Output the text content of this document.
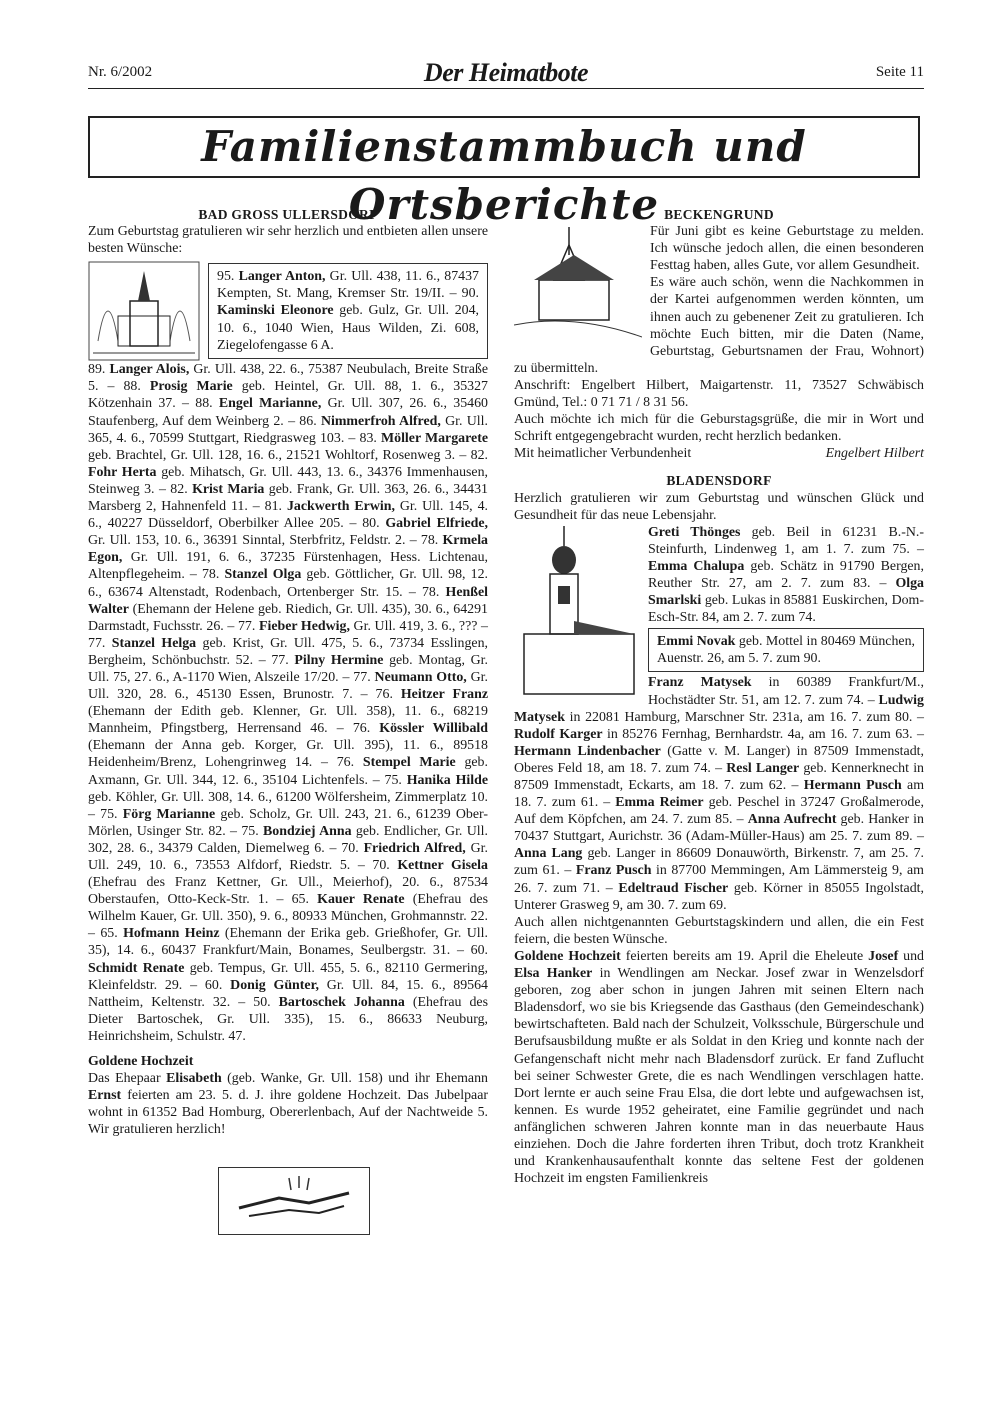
Nr. 6/2002	Der Heimatbote	Seite 11
Familienstammbuch und Ortsberichte

BAD GROSS ULLERSDORF

Zum Geburtstag gratulieren wir sehr herzlich und entbieten allen unsere besten Wünsche:

95. Langer Anton, Gr. Ull. 438, 11. 6., 87437 Kempten, St. Mang, Kremser Str. 19/II. – 90. Kaminski Eleonore geb. Gulz, Gr. Ull. 204, 10. 6., 1040 Wien, Haus Wilden, Zi. 608, Ziegelofengasse 6 A.

89. Langer Alois, Gr. Ull. 438, 22. 6., 75387 Neubulach, Breite Straße 5. – 88. Prosig Marie geb. Heintel, Gr. Ull. 88, 1. 6., 35327 Kötzenhain 37. – 88. Engel Marianne, Gr. Ull. 307, 26. 6., 35460 Staufenberg, Auf dem Weinberg 2. – 86. Nimmerfroh Alfred, Gr. Ull. 365, 4. 6., 70599 Stuttgart, Riedgrasweg 103. – 83. Möller Margarete geb. Brachtel, Gr. Ull. 128, 16. 6., 21521 Wohltorf, Rosenweg 3. – 82. Fohr Herta geb. Mihatsch, Gr. Ull. 443, 13. 6., 34376 Immenhausen, Steinweg 3. – 82. Krist Maria geb. Frank, Gr. Ull. 363, 26. 6., 34431 Marsberg 2, Hahnenfeld 11. – 81. Jackwerth Erwin, Gr. Ull. 145, 4. 6., 40227 Düsseldorf, Oberbilker Allee 205. – 80. Gabriel Elfriede, Gr. Ull. 153, 10. 6., 36391 Sinntal, Sterbfritz, Feldstr. 2. – 78. Krmela Egon, Gr. Ull. 191, 6. 6., 37235 Fürstenhagen, Hess. Lichtenau, Altenpflegeheim. – 78. Stanzel Olga geb. Göttlicher, Gr. Ull. 98, 12. 6., 63674 Altenstadt, Rodenbach, Ortenberger Str. 15. – 78. Henßel Walter (Ehemann der Helene geb. Riedich, Gr. Ull. 435), 30. 6., 64291 Darmstadt, Fuchsstr. 26. – 77. Fieber Hedwig, Gr. Ull. 419, 3. 6., ??? – 77. Stanzel Helga geb. Krist, Gr. Ull. 475, 5. 6., 73734 Esslingen, Bergheim, Schönbuchstr. 52. – 77. Pilny Hermine geb. Montag, Gr. Ull. 75, 27. 6., A-1170 Wien, Alszeile 17/20. – 77. Neumann Otto, Gr. Ull. 320, 28. 6., 45130 Essen, Brunostr. 7. – 76. Heitzer Franz (Ehemann der Edith geb. Klenner, Gr. Ull. 358), 11. 6., 68219 Mannheim, Pfingstberg, Herrensand 46. – 76. Kössler Willibald (Ehemann der Anna geb. Korger, Gr. Ull. 395), 11. 6., 89518 Heidenheim/Brenz, Lohengrinweg 14. – 76. Stempel Marie geb. Axmann, Gr. Ull. 344, 12. 6., 35104 Lichtenfels. – 75. Hanika Hilde geb. Köhler, Gr. Ull. 308, 14. 6., 61200 Wölfersheim, Zimmerplatz 10. – 75. Förg Marianne geb. Scholz, Gr. Ull. 243, 21. 6., 61239 Ober-Mörlen, Usinger Str. 82. – 75. Bondziej Anna geb. Endlicher, Gr. Ull. 302, 28. 6., 34379 Calden, Diemelweg 6. – 70. Friedrich Alfred, Gr. Ull. 249, 10. 6., 73553 Alfdorf, Riedstr. 5. – 70. Kettner Gisela (Ehefrau des Franz Kettner, Gr. Ull., Meierhof), 20. 6., 87534 Oberstaufen, Otto-Keck-Str. 1. – 65. Kauer Renate (Ehefrau des Wilhelm Kauer, Gr. Ull. 350), 9. 6., 80933 München, Grohmannstr. 22. – 65. Hofmann Heinz (Ehemann der Erika geb. Grießhofer, Gr. Ull. 35), 14. 6., 60437 Frankfurt/Main, Bonames, Seulbergstr. 31. – 60. Schmidt Renate geb. Tempus, Gr. Ull. 455, 5. 6., 82110 Germering, Kleinfeldstr. 29. – 60. Donig Günter, Gr. Ull. 84, 15. 6., 89564 Nattheim, Keltenstr. 32. – 50. Bartoschek Johanna (Ehefrau des Dieter Bartoschek, Gr. Ull. 335), 15. 6., 86633 Neuburg, Heinrichsheim, Schulstr. 47.

Goldene Hochzeit

Das Ehepaar Elisabeth (geb. Wanke, Gr. Ull. 158) und ihr Ehemann Ernst feierten am 23. 5. d. J. ihre goldene Hochzeit. Das Jubelpaar wohnt in 61352 Bad Homburg, Obererlenbach, Auf der Nachtweide 5. Wir gratulieren herzlich!

BECKENGRUND

Für Juni gibt es keine Geburtstage zu melden. Ich wünsche jedoch allen, die einen besonderen Festtag haben, alles Gute, vor allem Gesundheit.

Es wäre auch schön, wenn die Nachkommen in der Kartei aufgenommen werden könnten, um ihnen auch zu gebenener Zeit zu gratulieren. Ich möchte Euch bitten, mir die Daten (Name, Geburtstag, Geburtsnamen der Frau, Wohnort) zu übermitteln.

Anschrift: Engelbert Hilbert, Maigartenstr. 11, 73527 Schwäbisch Gmünd, Tel.: 0 71 71 / 8 31 56.

Auch möchte ich mich für die Geburstagsgrüße, die mir in Wort und Schrift entgegengebracht wurden, recht herzlich bedanken.

Mit heimatlicher Verbundenheit	Engelbert Hilbert

BLADENSDORF

Herzlich gratulieren wir zum Geburtstag und wünschen Glück und Gesundheit für das neue Lebensjahr.

Greti Thönges geb. Beil in 61231 B.-N.-Steinfurth, Lindenweg 1, am 1. 7. zum 75. – Emma Chalupa geb. Schätz in 91790 Bergen, Reuther Str. 27, am 2. 7. zum 83. – Olga Smarlski geb. Lukas in 85881 Euskirchen, Dom-Esch-Str. 84, am 2. 7. zum 74.

Emmi Novak geb. Mottel in 80469 München, Auenstr. 26, am 5. 7. zum 90.

Franz Matysek in 60389 Frankfurt/M., Hochstädter Str. 51, am 12. 7. zum 74. – Ludwig Matysek in 22081 Hamburg, Marschner Str. 231a, am 16. 7. zum 80. – Rudolf Karger in 85276 Fernhag, Bernhardstr. 4a, am 16. 7. zum 63. – Hermann Lindenbacher (Gatte v. M. Langer) in 87509 Immenstadt, Oberes Feld 18, am 18. 7. zum 74. – Resl Langer geb. Kennerknecht in 87509 Immenstadt, Eckarts, am 18. 7. zum 62. – Hermann Pusch am 18. 7. zum 61. – Emma Reimer geb. Peschel in 37247 Großalmerode, Auf dem Köpfchen, am 24. 7. zum 85. – Anna Aufrecht geb. Hanker in 70437 Stuttgart, Aurichstr. 36 (Adam-Müller-Haus) am 25. 7. zum 89. – Anna Lang geb. Langer in 86609 Donauwörth, Birkenstr. 7, am 25. 7. zum 61. – Franz Pusch in 87700 Memmingen, Am Lämmersteig 9, am 26. 7. zum 71. – Edeltraud Fischer geb. Körner in 85055 Ingolstadt, Unterer Grasweg 9, am 30. 7. zum 69.

Auch allen nichtgenannten Geburtstagskindern und allen, die ein Fest feiern, die besten Wünsche.

Goldene Hochzeit feierten bereits am 19. April die Eheleute Josef und Elsa Hanker in Wendlingen am Neckar. Josef zwar in Wenzelsdorf geboren, zog aber schon in jungen Jahren mit seinen Eltern nach Bladensdorf, wo sie bis Kriegsende das Gasthaus (den Gemeindeschank) bewirtschafteten. Bald nach der Schulzeit, Volksschule, Bürgerschule und Berufsausbildung mußte er als Soldat in den Krieg und konnte nach der Gefangenschaft nicht mehr nach Bladensdorf zurück. Er fand Zuflucht bei seiner Schwester Grete, die es nach Wendlingen verschlagen hatte. Dort lernte er auch seine Frau Elsa, die dort lebte und aufgewachsen ist, kennen. Es wurde 1952 geheiratet, eine Familie gegründet und nach anfänglichen schweren Jahren konnte man in das neuerbaute Haus einziehen. Doch die Jahre forderten ihren Tribut, doch trotz Krankheit und Krankenhausaufenthalt konnte das seltene Fest der goldenen Hochzeit im engsten Familienkreis
